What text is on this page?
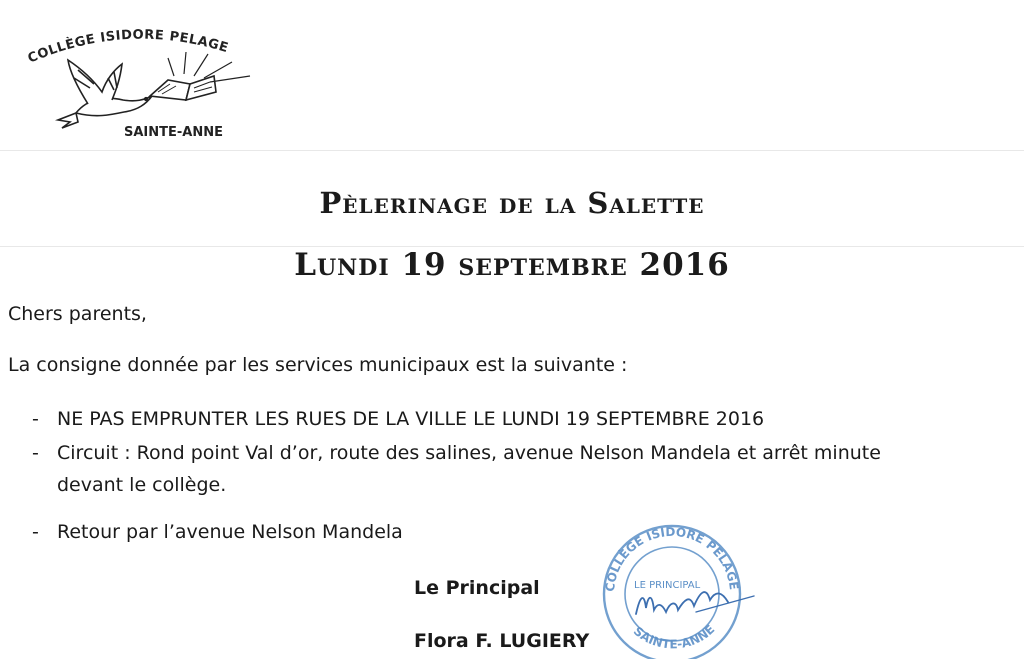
COLLÈGE ISIDORE PELAGE
SAINTE-ANNE
Pèlerinage de la Salette
Lundi 19 septembre 2016
Chers parents,
La consigne donnée par les services municipaux est la suivante :
- NE PAS EMPRUNTER LES RUES DE LA VILLE LE LUNDI 19 SEPTEMBRE 2016
- Circuit : Rond point Val d’or, route des salines, avenue Nelson Mandela et arrêt minute
devant le collège.
- Retour par l’avenue Nelson Mandela
Le Principal
Flora F. LUGIERY
COLLÈGE ISIDORE PELAGE
SAINTE-ANNE
LE PRINCIPAL
